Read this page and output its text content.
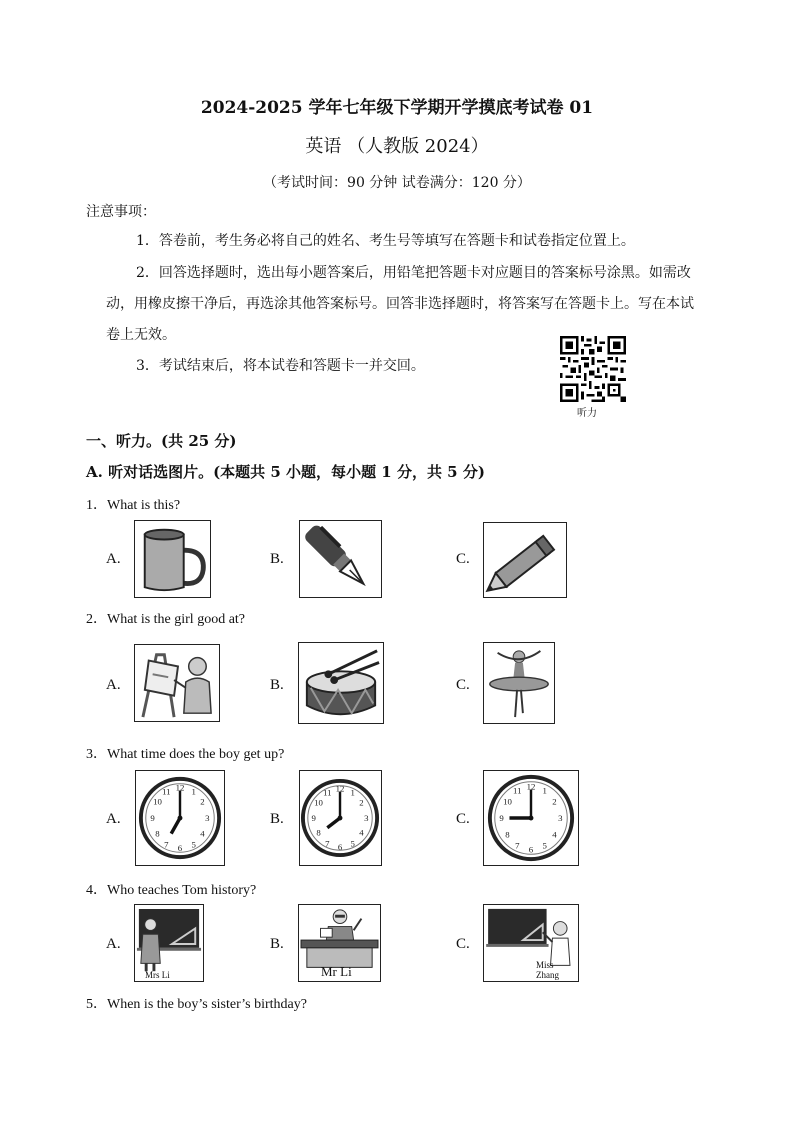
2024-2025 学年七年级下学期开学摸底考试卷 01
英语 （人教版 2024）
（考试时间：90 分钟 试卷满分：120 分）
注意事项：
1．答卷前，考生务必将自己的姓名、考生号等填写在答题卡和试卷指定位置上。
2．回答选择题时，选出每小题答案后，用铅笔把答题卡对应题目的答案标号涂黑。如需改
动，用橡皮擦干净后，再选涂其他答案标号。回答非选择题时，将答案写在答题卡上。写在本试
卷上无效。
3．考试结束后，将本试卷和答题卡一并交回。
听力
一、听力。(共 25 分)
A. 听对话选图片。(本题共 5 小题，每小题 1 分，共 5 分)
1．What is this?
A.	B.	C.
2．What is the girl good at?
A.	B.	C.
3．What time does the boy get up?
A.
12 1
2
3
4
5
6
7
8
9
10
11
B.
12 1
2
3
4
5
6
7
8
9
10
11
C.
12 1
2
3
4
5
6
7
8
9
10
11
4．Who teaches Tom history?
A.
Mrs Li
B.
Mr Li
C.
Miss Zhang
5．When is the boy’s sister’s birthday?
